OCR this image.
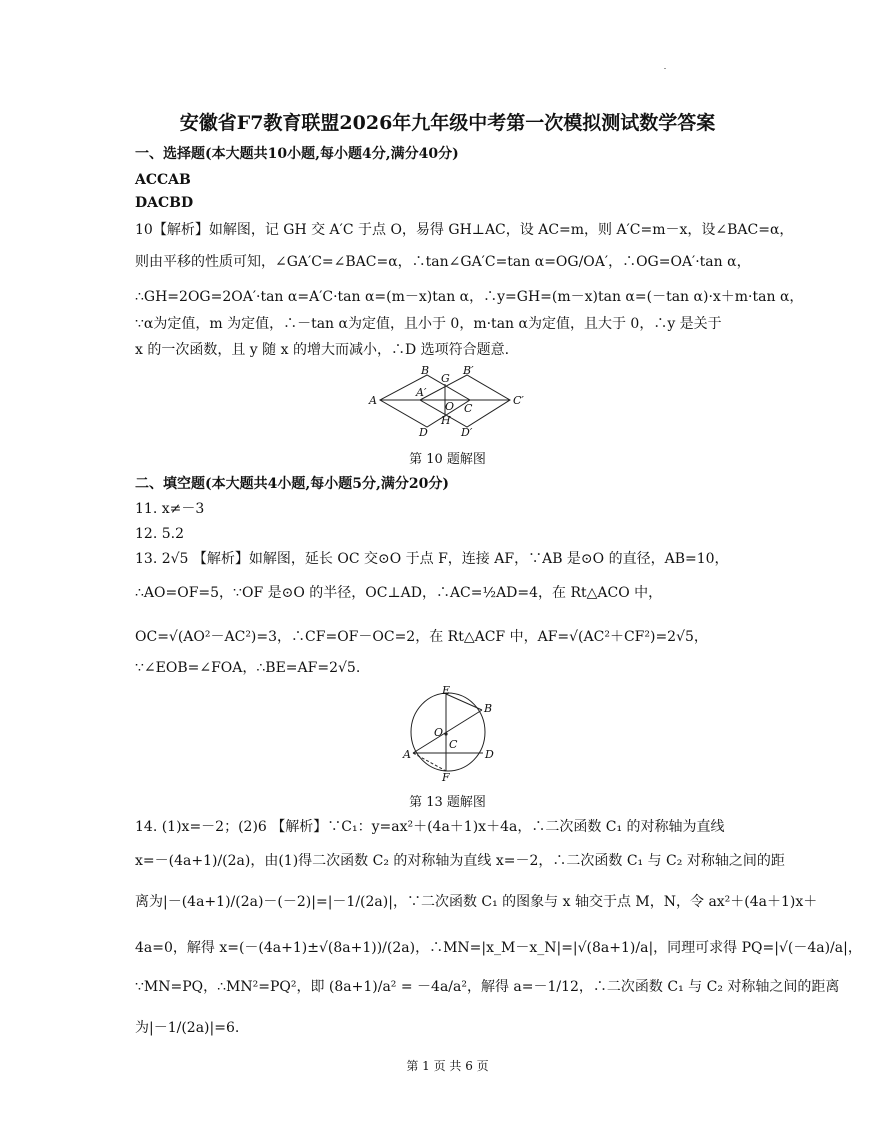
安徽省F7教育联盟2026年九年级中考第一次模拟测试数学答案
一、选择题(本大题共10小题,每小题4分,满分40分)
ACCAB
DACBD
10【解析】如解图，记 GH 交 A′C 于点 O，易得 GH⊥AC，设 AC=m，则 A′C=m－x，设∠BAC=α，
则由平移的性质可知，∠GA′C=∠BAC=α，∴tan∠GA′C=tan α=OG/OA′，∴OG=OA′·tan α，
∴GH=2OG=2OA′·tan α=A′C·tan α=(m－x)tan α，∴y=GH=(m－x)tan α=(－tan α)·x＋m·tan α，
∵α为定值，m 为定值，∴－tan α为定值，且小于 0，m·tan α为定值，且大于 0，∴y 是关于
x 的一次函数，且 y 随 x 的增大而减小，∴D 选项符合题意.
B
G
B′
A
A′
O C
C′
H
D	D′
第 10 题解图
二、填空题(本大题共4小题,每小题5分,满分20分)
11. x≠－3
12. 5.2
13. 2√5 【解析】如解图，延长 OC 交⊙O 于点 F，连接 AF，∵AB 是⊙O 的直径，AB=10，
∴AO=OF=5，∵OF 是⊙O 的半径，OC⊥AD，∴AC=½AD=4，在 Rt△ACO 中，
OC=√(AO²－AC²)=3，∴CF=OF－OC=2，在 Rt△ACF 中，AF=√(AC²＋CF²)=2√5，
∵∠EOB=∠FOA，∴BE=AF=2√5.
E
B
O
C
A	D
F
第 13 题解图
14. (1)x=－2；(2)6 【解析】∵C₁：y=ax²＋(4a＋1)x＋4a，∴二次函数 C₁ 的对称轴为直线
x=－(4a+1)/(2a)，由(1)得二次函数 C₂ 的对称轴为直线 x=－2，∴二次函数 C₁ 与 C₂ 对称轴之间的距
离为|－(4a+1)/(2a)－(－2)|=|－1/(2a)|，∵二次函数 C₁ 的图象与 x 轴交于点 M，N，令 ax²＋(4a＋1)x＋
4a=0，解得 x=(－(4a+1)±√(8a+1))/(2a)，∴MN=|x_M－x_N|=|√(8a+1)/a|，同理可求得 PQ=|√(－4a)/a|，
∵MN=PQ，∴MN²=PQ²，即 (8a+1)/a² = －4a/a²，解得 a=－1/12，∴二次函数 C₁ 与 C₂ 对称轴之间的距离
为|－1/(2a)|=6.
第 1 页 共 6 页
